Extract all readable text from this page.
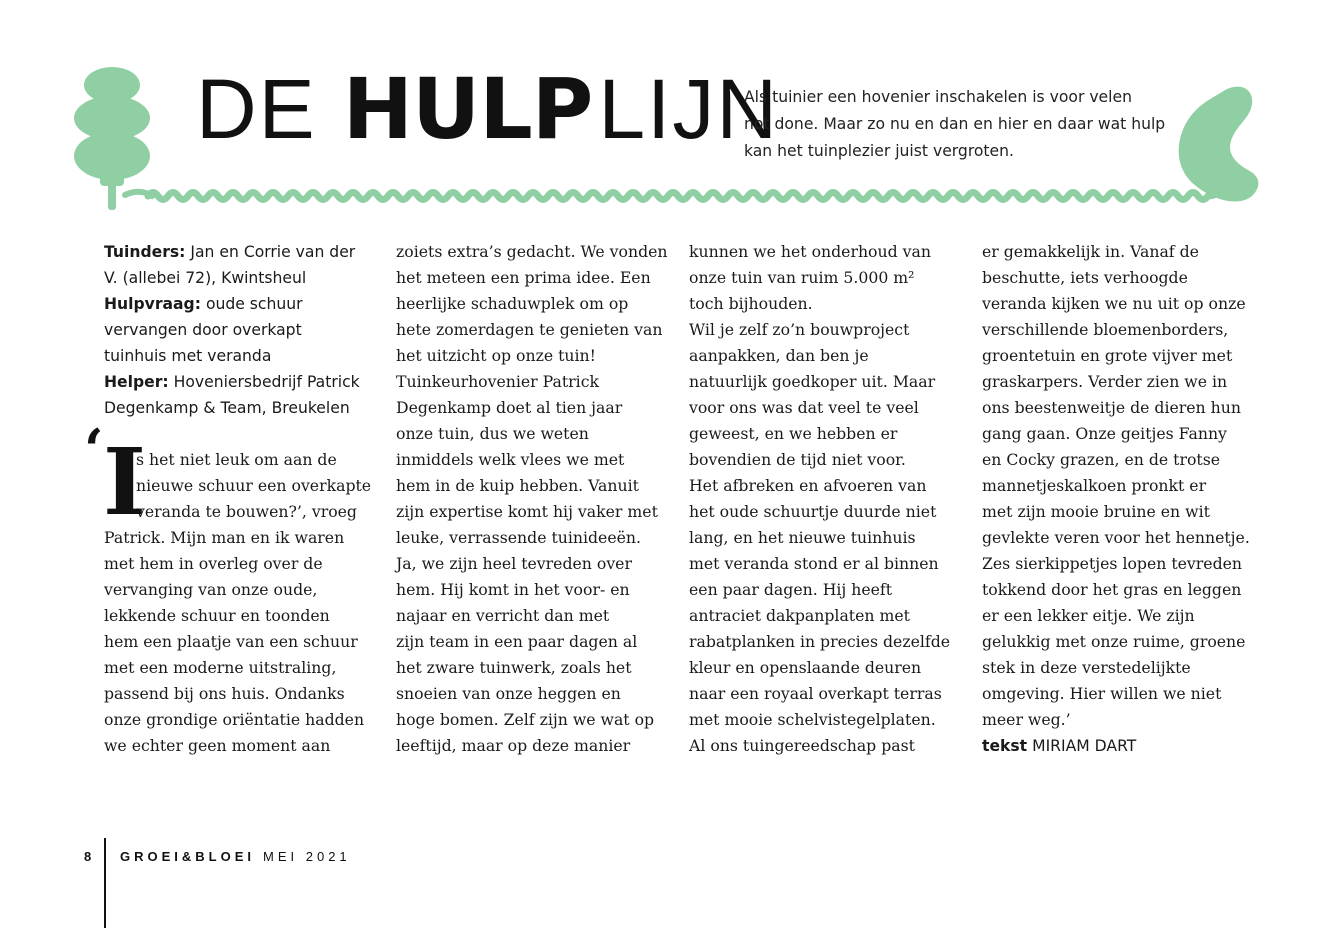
DE HULP LIJN
Als tuinier een hovenier inschakelen is voor velen
not done. Maar zo nu en dan en hier en daar wat hulp
kan het tuinplezier juist vergroten.
Tuinders: Jan en Corrie van der
V. (allebei 72), Kwintsheul
Hulpvraag: oude schuur
vervangen door overkapt
tuinhuis met veranda
Helper: Hoveniersbedrijf Patrick
Degenkamp & Team, Breukelen
s het niet leuk om aan de
nieuwe schuur een overkapte
veranda te bouwen?’, vroeg
Patrick. Mijn man en ik waren
met hem in overleg over de
vervanging van onze oude,
lekkende schuur en toonden
hem een plaatje van een schuur
met een moderne uitstraling,
passend bij ons huis. Ondanks
onze grondige oriëntatie hadden
we echter geen moment aan
‘ I
zoiets extra’s gedacht. We vonden
het meteen een prima idee. Een
heerlijke schaduwplek om op
hete zomerdagen te genieten van
het uitzicht op onze tuin!
Tuinkeurhovenier Patrick
Degenkamp doet al tien jaar
onze tuin, dus we weten
inmiddels welk vlees we met
hem in de kuip hebben. Vanuit
zijn expertise komt hij vaker met
leuke, verrassende tuinideeën.
Ja, we zijn heel tevreden over
hem. Hij komt in het voor- en
najaar en verricht dan met
zijn team in een paar dagen al
het zware tuinwerk, zoals het
snoeien van onze heggen en
hoge bomen. Zelf zijn we wat op
leeftijd, maar op deze manier
kunnen we het onderhoud van
onze tuin van ruim 5.000 m²
toch bijhouden.
Wil je zelf zo’n bouwproject
aanpakken, dan ben je
natuurlijk goedkoper uit. Maar
voor ons was dat veel te veel
geweest, en we hebben er
bovendien de tijd niet voor.
Het afbreken en afvoeren van
het oude schuurtje duurde niet
lang, en het nieuwe tuinhuis
met veranda stond er al binnen
een paar dagen. Hij heeft
antraciet dakpanplaten met
rabatplanken in precies dezelfde
kleur en openslaande deuren
naar een royaal overkapt terras
met mooie schelvistegelplaten.
Al ons tuingereedschap past
er gemakkelijk in. Vanaf de
beschutte, iets verhoogde
veranda kijken we nu uit op onze
verschillende bloemenborders,
groentetuin en grote vijver met
graskarpers. Verder zien we in
ons beestenweitje de dieren hun
gang gaan. Onze geitjes Fanny
en Cocky grazen, en de trotse
mannetjeskalkoen pronkt er
met zijn mooie bruine en wit
gevlekte veren voor het hennetje.
Zes sierkippetjes lopen tevreden
tokkend door het gras en leggen
er een lekker eitje. We zijn
gelukkig met onze ruime, groene
stek in deze verstedelijkte
omgeving. Hier willen we niet
meer weg.’
tekst MIRIAM DART
8	GROEI&BLOEI MEI 2021
